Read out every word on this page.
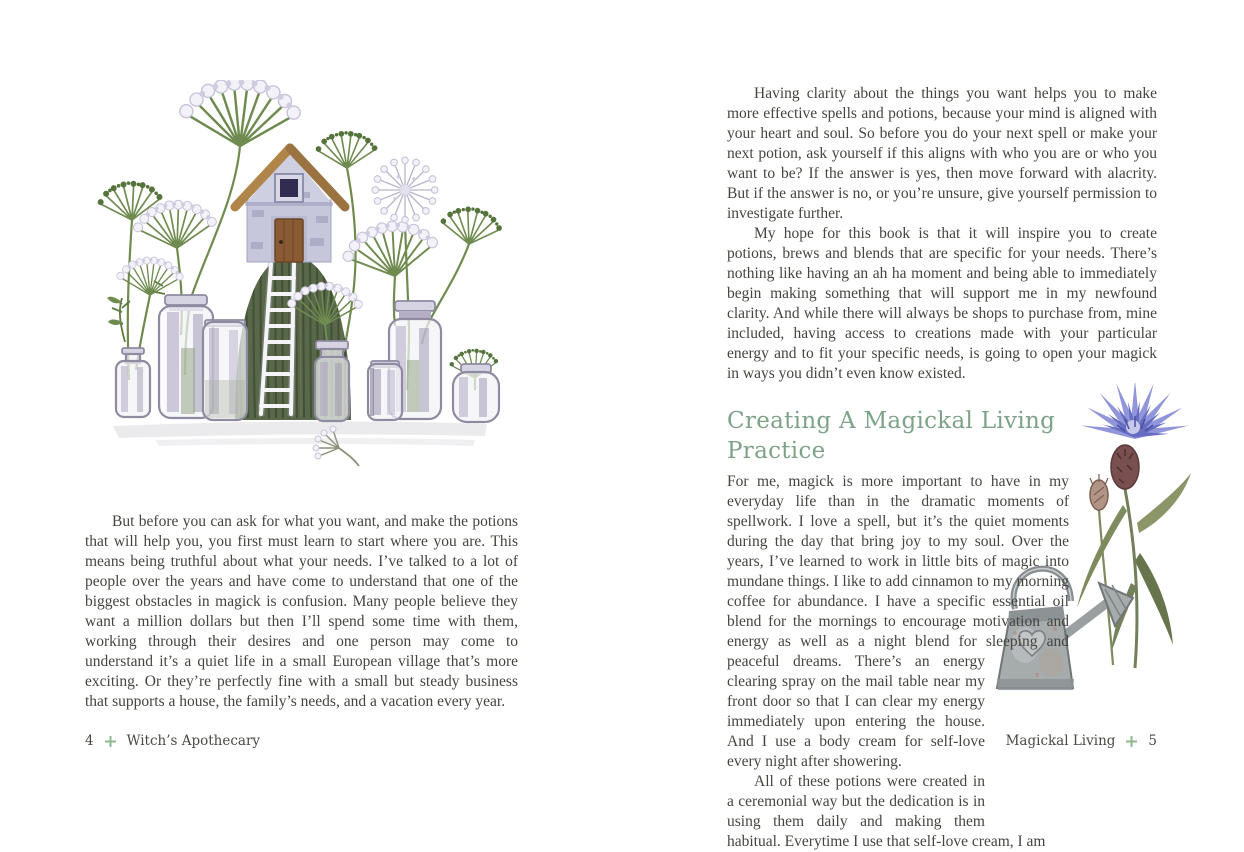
But before you can ask for what you want, and make the potions that will help you, you first must learn to start where you are. This means being truthful about what your needs. I’ve talked to a lot of people over the years and have come to understand that one of the biggest obstacles in magick is confusion. Many people believe they want a million dollars but then I’ll spend some time with them, working through their desires and one person may come to understand it’s a quiet life in a small European village that’s more exciting. Or they’re perfectly fine with a small but steady business that supports a house, the family’s needs, and a vacation every year.

Having clarity about the things you want helps you to make more effective spells and potions, because your mind is aligned with your heart and soul. So before you do your next spell or make your next potion, ask yourself if this aligns with who you are or who you want to be? If the answer is yes, then move forward with alacrity. But if the answer is no, or you’re unsure, give yourself permission to investigate further.

My hope for this book is that it will inspire you to create potions, brews and blends that are specific for your needs. There’s nothing like having an ah ha moment and being able to immediately begin making something that will support me in my newfound clarity. And while there will always be shops to purchase from, mine included, having access to creations made with your particular energy and to fit your specific needs, is going to open your magick in ways you didn’t even know existed.

Creating A Magickal Living Practice

For me, magick is more important to have in my everyday life than in the dramatic moments of spellwork. I love a spell, but it’s the quiet moments during the day that bring joy to my soul. Over the years, I’ve learned to work in little bits of magic into mundane things. I like to add cinnamon to my morning coffee for abundance. I have a specific essential oil blend for the mornings to encourage motivation and energy as well as a night blend for sleeping and peaceful dreams. There’s an energy clearing spray on the mail table near my front door so that I can clear my energy immediately upon entering the house. And I use a body cream for self-love every night after showering.

All of these potions were created in a ceremonial way but the dedication is in using them daily and making them habitual. Everytime I use that self-love cream, I am

4 Witch’s Apothecary	Magickal Living 5
